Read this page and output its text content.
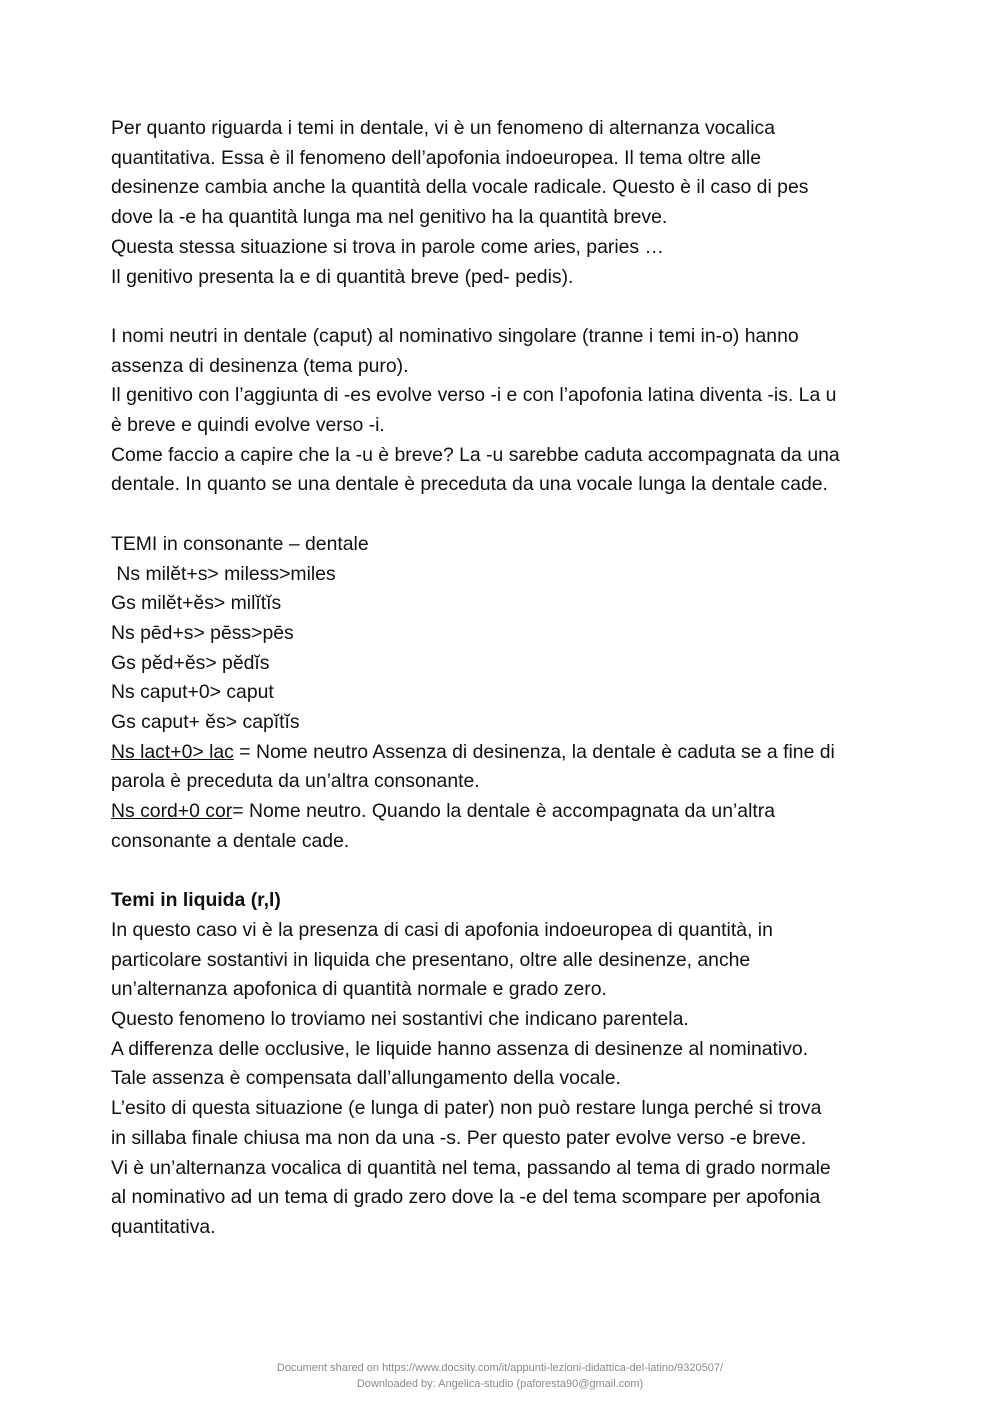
Per quanto riguarda i temi in dentale, vi è un fenomeno di alternanza vocalica
quantitativa. Essa è il fenomeno dell’apofonia indoeuropea. Il tema oltre alle
desinenze cambia anche la quantità della vocale radicale. Questo è il caso di pes
dove la -e ha quantità lunga ma nel genitivo ha la quantità breve.
Questa stessa situazione si trova in parole come aries, paries …
Il genitivo presenta la e di quantità breve (ped- pedis).
I nomi neutri in dentale (caput) al nominativo singolare (tranne i temi in-o) hanno
assenza di desinenza (tema puro).
Il genitivo con l’aggiunta di -es evolve verso -i e con l’apofonia latina diventa -is. La u
è breve e quindi evolve verso -i.
Come faccio a capire che la -u è breve? La -u sarebbe caduta accompagnata da una
dentale. In quanto se una dentale è preceduta da una vocale lunga la dentale cade.
TEMI in consonante – dentale
Ns milĕt+s> miless>miles
Gs milĕt+ĕs> milĭtĭs
Ns pēd+s> pēss>pēs
Gs pĕd+ĕs> pĕdĭs
Ns caput+0> caput
Gs caput+ ĕs> capĭtĭs
Ns lact+0> lac = Nome neutro Assenza di desinenza, la dentale è caduta se a fine di
parola è preceduta da un’altra consonante.
Ns cord+0 cor= Nome neutro. Quando la dentale è accompagnata da un’altra
consonante a dentale cade.
Temi in liquida (r,l)
In questo caso vi è la presenza di casi di apofonia indoeuropea di quantità, in
particolare sostantivi in liquida che presentano, oltre alle desinenze, anche
un’alternanza apofonica di quantità normale e grado zero.
Questo fenomeno lo troviamo nei sostantivi che indicano parentela.
A differenza delle occlusive, le liquide hanno assenza di desinenze al nominativo.
Tale assenza è compensata dall’allungamento della vocale.
L’esito di questa situazione (e lunga di pater) non può restare lunga perché si trova
in sillaba finale chiusa ma non da una -s. Per questo pater evolve verso -e breve.
Vi è un’alternanza vocalica di quantità nel tema, passando al tema di grado normale
al nominativo ad un tema di grado zero dove la -e del tema scompare per apofonia
quantitativa.
Document shared on https://www.docsity.com/it/appunti-lezioni-didattica-del-latino/9320507/
Downloaded by: Angelica-studio (paforesta90@gmail.com)
